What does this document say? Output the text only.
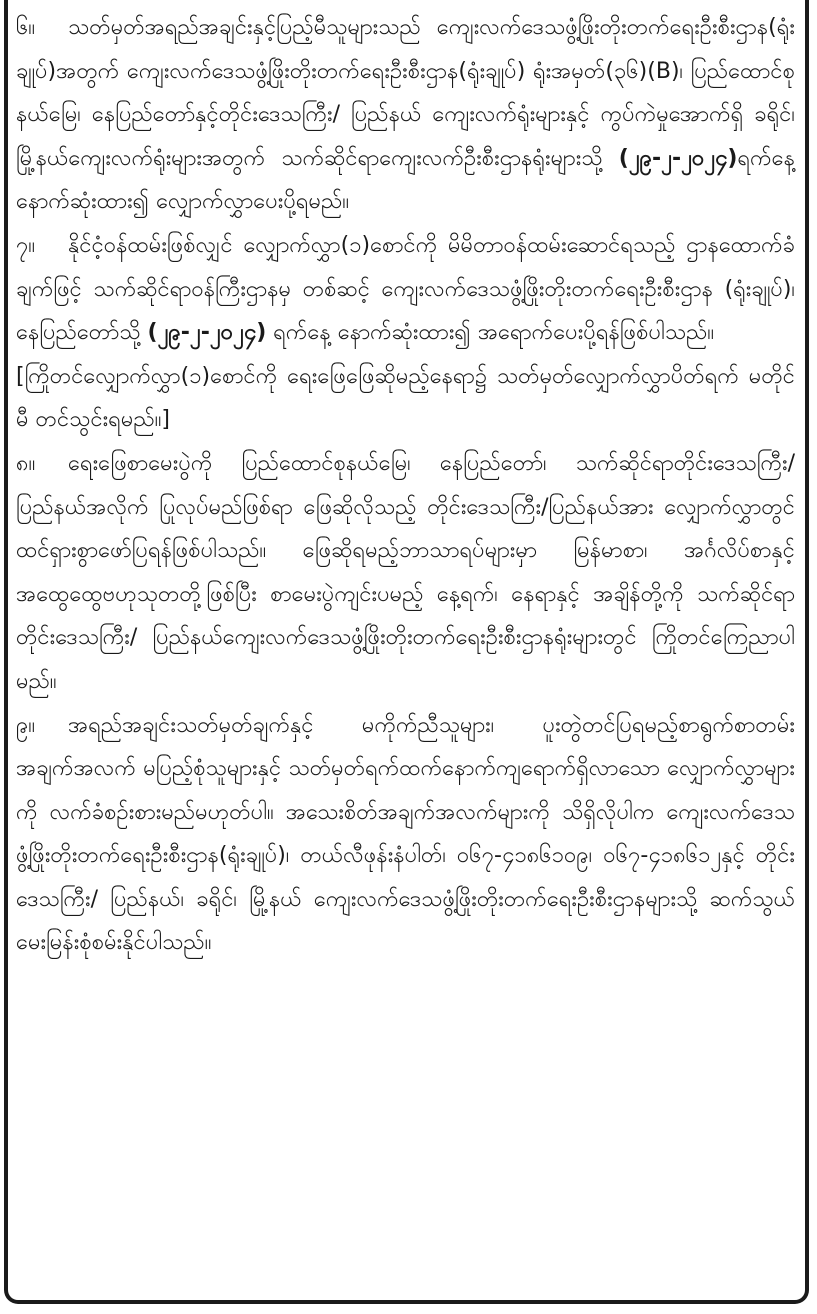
၆။ သတ်မှတ်အရည်အချင်းနှင့်ပြည့်မီသူများသည် ကျေးလက်ဒေသဖွံ့ဖြိုးတိုးတက်ရေးဦးစီးဌာန(ရုံးချုပ်)အတွက် ကျေးလက်ဒေသဖွံ့ဖြိုးတိုးတက်ရေးဦးစီးဌာန(ရုံးချုပ်) ရုံးအမှတ်(၃၆)(B)၊ ပြည်ထောင်စုနယ်မြေ၊ နေပြည်တော်နှင့်တိုင်းဒေသကြီး/ ပြည်နယ် ကျေးလက်ရုံးများနှင့် ကွပ်ကဲမှုအောက်ရှိ ခရိုင်၊ မြို့နယ်ကျေးလက်ရုံးများအတွက် သက်ဆိုင်ရာကျေးလက်ဦးစီးဌာနရုံးများသို့ (၂၉-၂-၂၀၂၄)ရက်နေ့ နောက်ဆုံးထား၍ လျှောက်လွှာပေးပို့ရမည်။

၇။ နိုင်ငံ့ဝန်ထမ်းဖြစ်လျှင် လျှောက်လွှာ(၁)စောင်ကို မိမိတာဝန်ထမ်းဆောင်ရသည့် ဌာနထောက်ခံချက်ဖြင့် သက်ဆိုင်ရာဝန်ကြီးဌာနမှ တစ်ဆင့် ကျေးလက်ဒေသဖွံ့ဖြိုးတိုးတက်ရေးဦးစီးဌာန (ရုံးချုပ်)၊ နေပြည်တော်သို့ (၂၉-၂-၂၀၂၄) ရက်နေ့ နောက်ဆုံးထား၍ အရောက်ပေးပို့ရန်ဖြစ်ပါသည်။

[ကြိုတင်လျှောက်လွှာ(၁)စောင်ကို ရေးဖြေဖြေဆိုမည့်နေရာ၌ သတ်မှတ်လျှောက်လွှာပိတ်ရက် မတိုင်မီ တင်သွင်းရမည်။]

၈။ ရေးဖြေစာမေးပွဲကို ပြည်ထောင်စုနယ်မြေ၊ နေပြည်တော်၊ သက်ဆိုင်ရာတိုင်းဒေသကြီး/ ပြည်နယ်အလိုက် ပြုလုပ်မည်ဖြစ်ရာ ဖြေဆိုလိုသည့် တိုင်းဒေသကြီး/ပြည်နယ်အား လျှောက်လွှာတွင် ထင်ရှားစွာဖော်ပြရန်ဖြစ်ပါသည်။ ဖြေဆိုရမည့်ဘာသာရပ်များမှာ မြန်မာစာ၊ အင်္ဂလိပ်စာနှင့် အထွေထွေဗဟုသုတတို့ဖြစ်ပြီး စာမေးပွဲကျင်းပမည့် နေ့ရက်၊ နေရာနှင့် အချိန်တို့ကို သက်ဆိုင်ရာ တိုင်းဒေသကြီး/ ပြည်နယ်ကျေးလက်ဒေသဖွံ့ဖြိုးတိုးတက်ရေးဦးစီးဌာနရုံးများတွင် ကြိုတင်ကြေညာပါမည်။

၉။ အရည်အချင်းသတ်မှတ်ချက်နှင့် မကိုက်ညီသူများ၊ ပူးတွဲတင်ပြရမည့်စာရွက်စာတမ်း အချက်အလက် မပြည့်စုံသူများနှင့် သတ်မှတ်ရက်ထက်နောက်ကျရောက်ရှိလာသော လျှောက်လွှာများကို လက်ခံစဉ်းစားမည်မဟုတ်ပါ။ အသေးစိတ်အချက်အလက်များကို သိရှိလိုပါက ကျေးလက်ဒေသဖွံ့ဖြိုးတိုးတက်ရေးဦးစီးဌာန(ရုံးချုပ်)၊ တယ်လီဖုန်းနံပါတ်၊ ၀၆၇-၄၁၈၆၁၀၉၊ ၀၆၇-၄၁၈၆၁၂နှင့် တိုင်းဒေသကြီး/ ပြည်နယ်၊ ခရိုင်၊ မြို့နယ် ကျေးလက်ဒေသဖွံ့ဖြိုးတိုးတက်ရေးဦးစီးဌာနများသို့ ဆက်သွယ်မေးမြန်းစုံစမ်းနိုင်ပါသည်။
